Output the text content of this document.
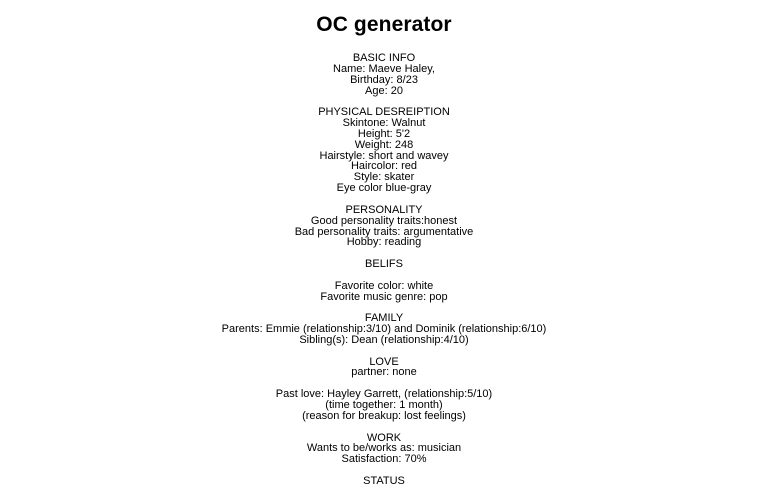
OC generator
BASIC INFO
Name: Maeve Haley,
Birthday: 8/23
Age: 20

PHYSICAL DESREIPTION
Skintone: Walnut
Height: 5'2
Weight: 248
Hairstyle: short and wavey
Haircolor: red
Style: skater
Eye color blue-gray

PERSONALITY
Good personality traits:honest
Bad personality traits: argumentative
Hobby: reading

BELIFS

Favorite color: white
Favorite music genre: pop

FAMILY
Parents: Emmie (relationship:3/10) and Dominik (relationship:6/10)
Sibling(s): Dean (relationship:4/10)

LOVE
partner: none

Past love: Hayley Garrett, (relationship:5/10)
(time together: 1 month)
(reason for breakup: lost feelings)

WORK
Wants to be/works as: musician
Satisfaction: 70%

STATUS
